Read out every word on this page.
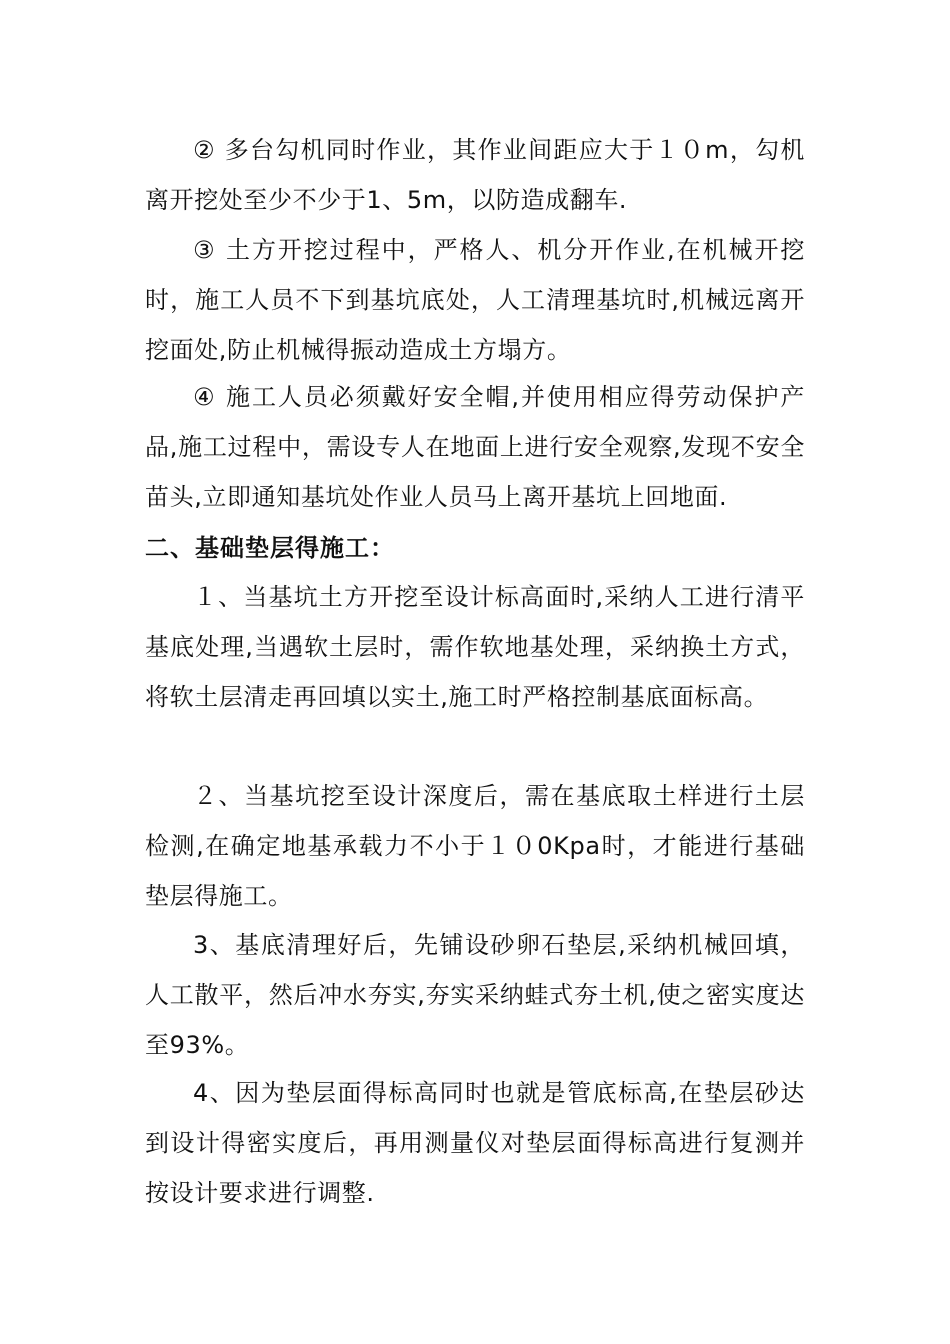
② 多台勾机同时作业，其作业间距应大于１０m，勾机离开挖处至少不少于1、5m，以防造成翻车.

③ 土方开挖过程中，严格人、机分开作业,在机械开挖时，施工人员不下到基坑底处，人工清理基坑时,机械远离开挖面处,防止机械得振动造成土方塌方。

④ 施工人员必须戴好安全帽,并使用相应得劳动保护产品,施工过程中，需设专人在地面上进行安全观察,发现不安全苗头,立即通知基坑处作业人员马上离开基坑上回地面.

二、基础垫层得施工：

１、当基坑土方开挖至设计标高面时,采纳人工进行清平基底处理,当遇软土层时，需作软地基处理，采纳换土方式，将软土层清走再回填以实土,施工时严格控制基底面标高。

２、当基坑挖至设计深度后，需在基底取土样进行土层检测,在确定地基承载力不小于１０0Kpa时，才能进行基础垫层得施工。

3、基底清理好后，先铺设砂卵石垫层,采纳机械回填，人工散平，然后冲水夯实,夯实采纳蛙式夯土机,使之密实度达至93%。

4、因为垫层面得标高同时也就是管底标高,在垫层砂达到设计得密实度后，再用测量仪对垫层面得标高进行复测并按设计要求进行调整.
